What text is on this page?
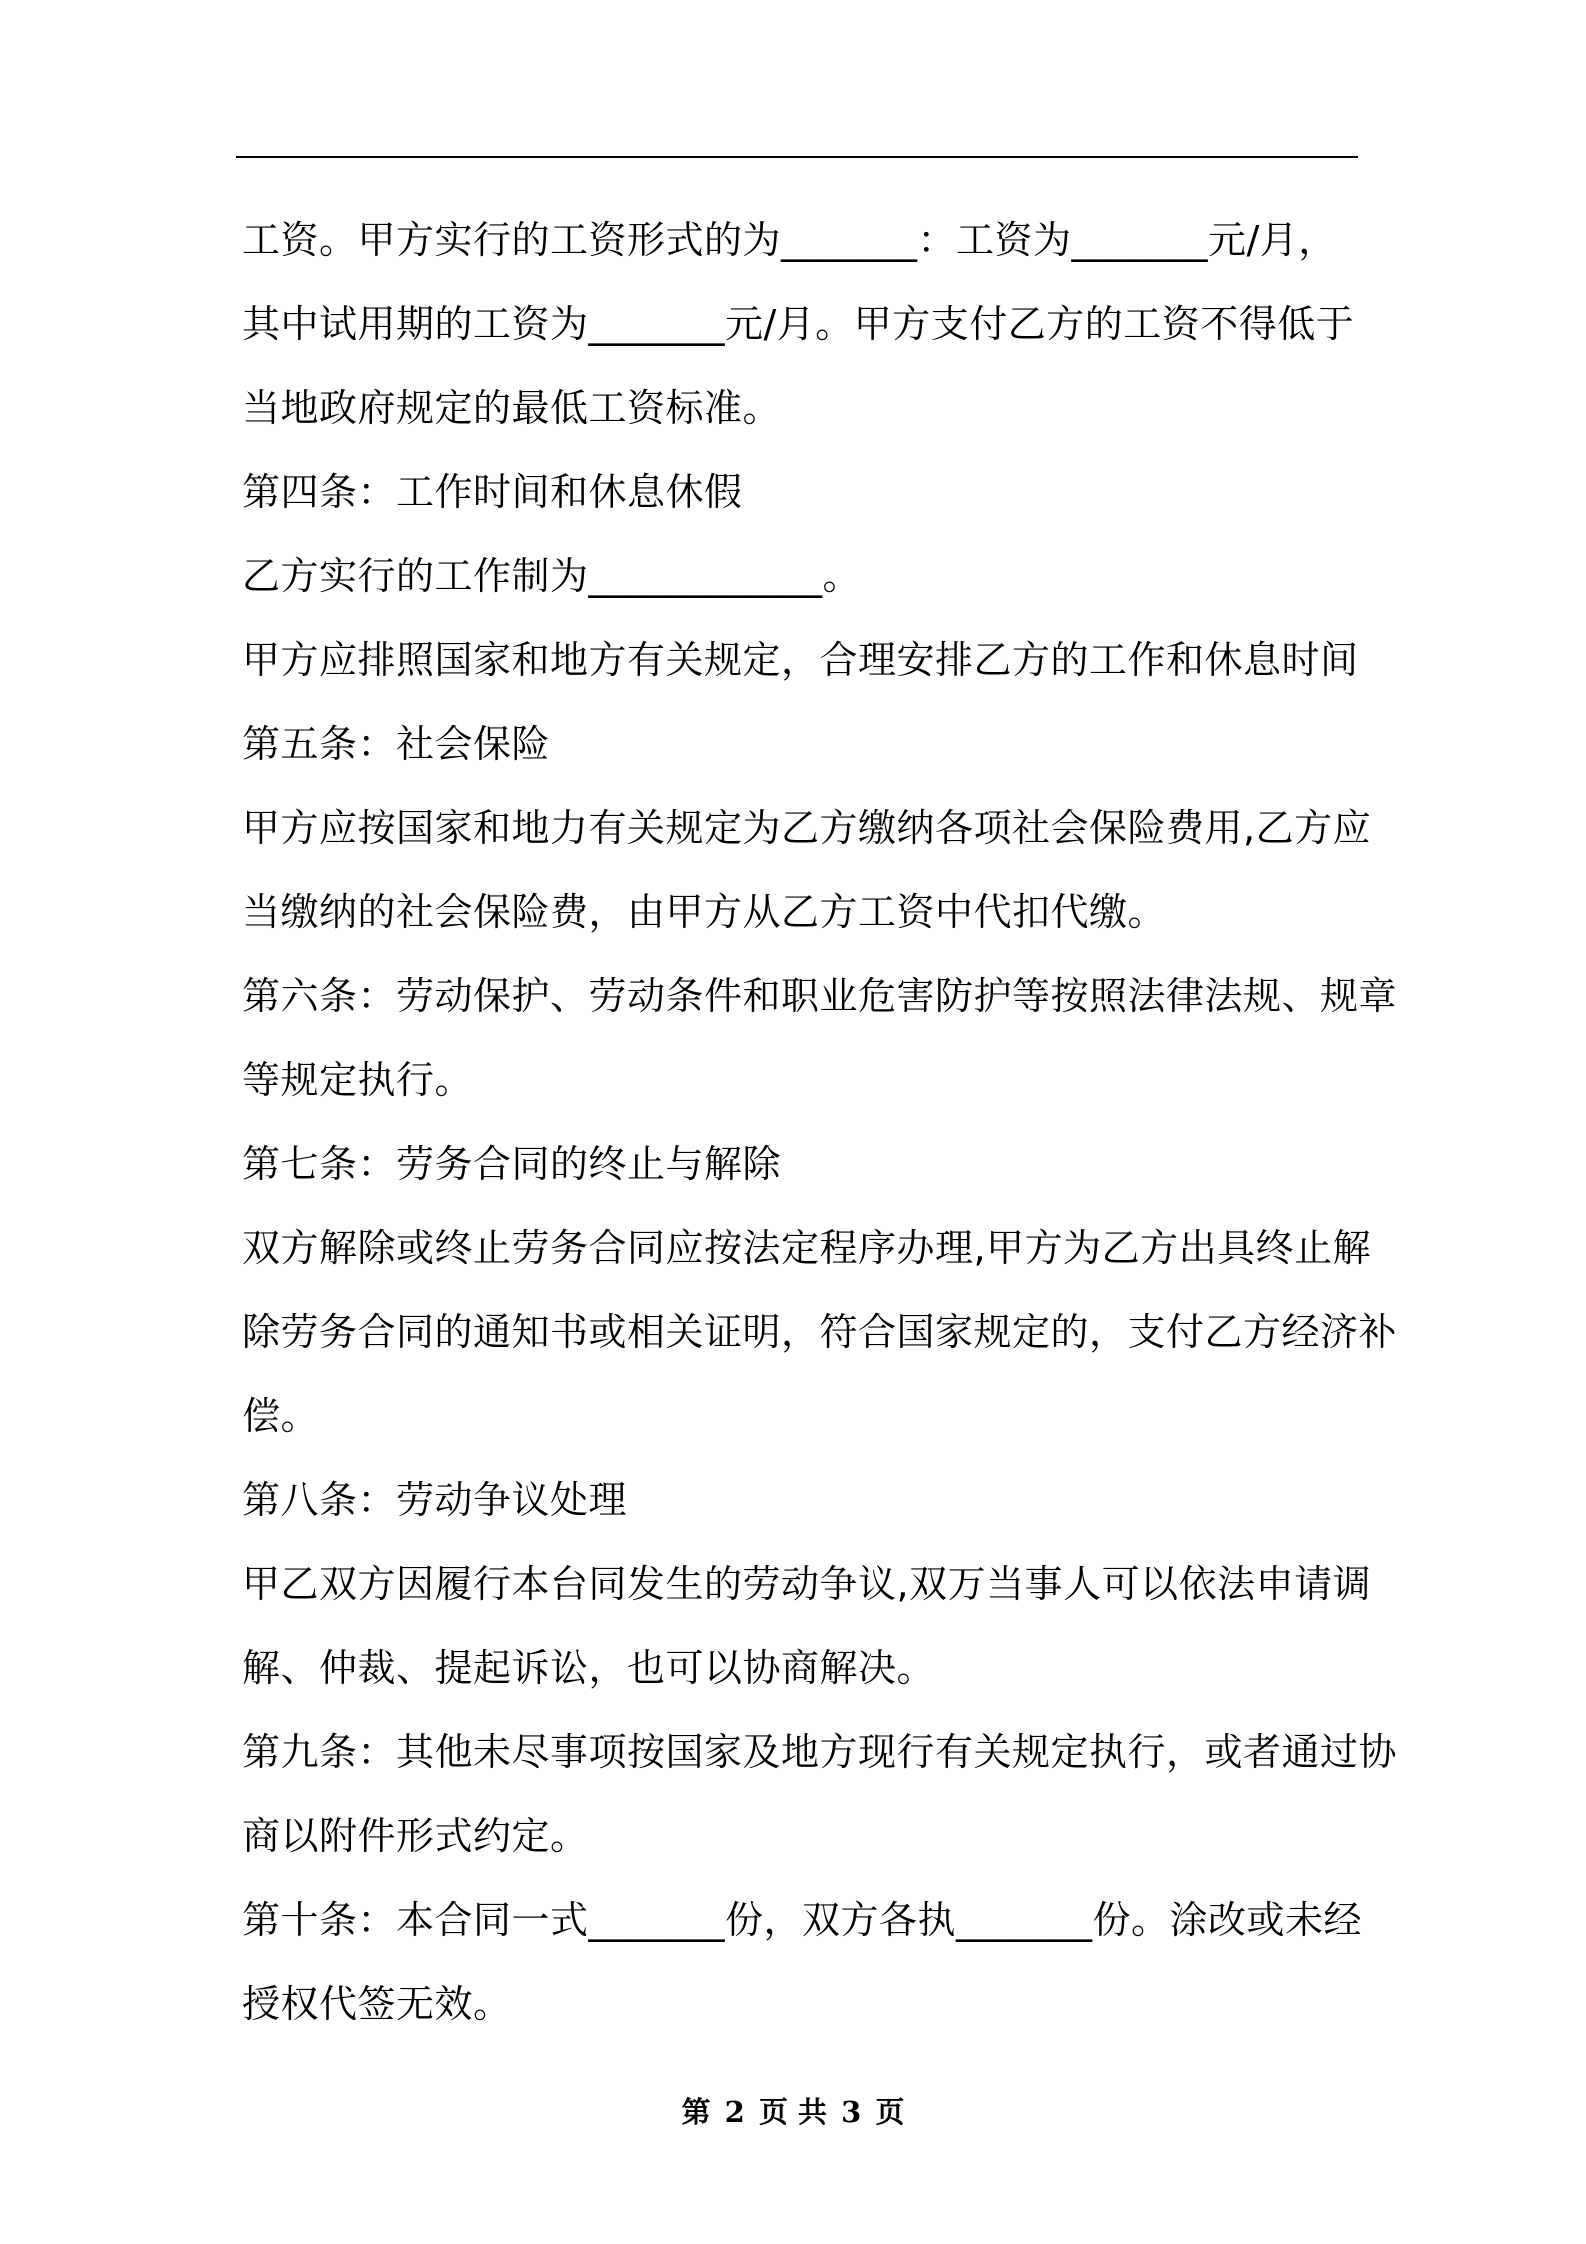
工资。甲方实行的工资形式的为_______：工资为_______元/月，
其中试用期的工资为_______元/月。甲方支付乙方的工资不得低于
当地政府规定的最低工资标准。
第四条：工作时间和休息休假
乙方实行的工作制为____________。
甲方应排照国家和地方有关规定，合理安排乙方的工作和休息时间
第五条：社会保险
甲方应按国家和地力有关规定为乙方缴纳各项社会保险费用,乙方应
当缴纳的社会保险费，由甲方从乙方工资中代扣代缴。
第六条：劳动保护、劳动条件和职业危害防护等按照法律法规、规章
等规定执行。
第七条：劳务合同的终止与解除
双方解除或终止劳务合同应按法定程序办理,甲方为乙方出具终止解
除劳务合同的通知书或相关证明，符合国家规定的，支付乙方经济补
偿。
第八条：劳动争议处理
甲乙双方因履行本台同发生的劳动争议,双万当事人可以依法申请调
解、仲裁、提起诉讼，也可以协商解决。
第九条：其他未尽事项按国家及地方现行有关规定执行，或者通过协
商以附件形式约定。
第十条：本合同一式_______份，双方各执_______份。涂改或未经
授权代签无效。
第 2 页 共 3 页
